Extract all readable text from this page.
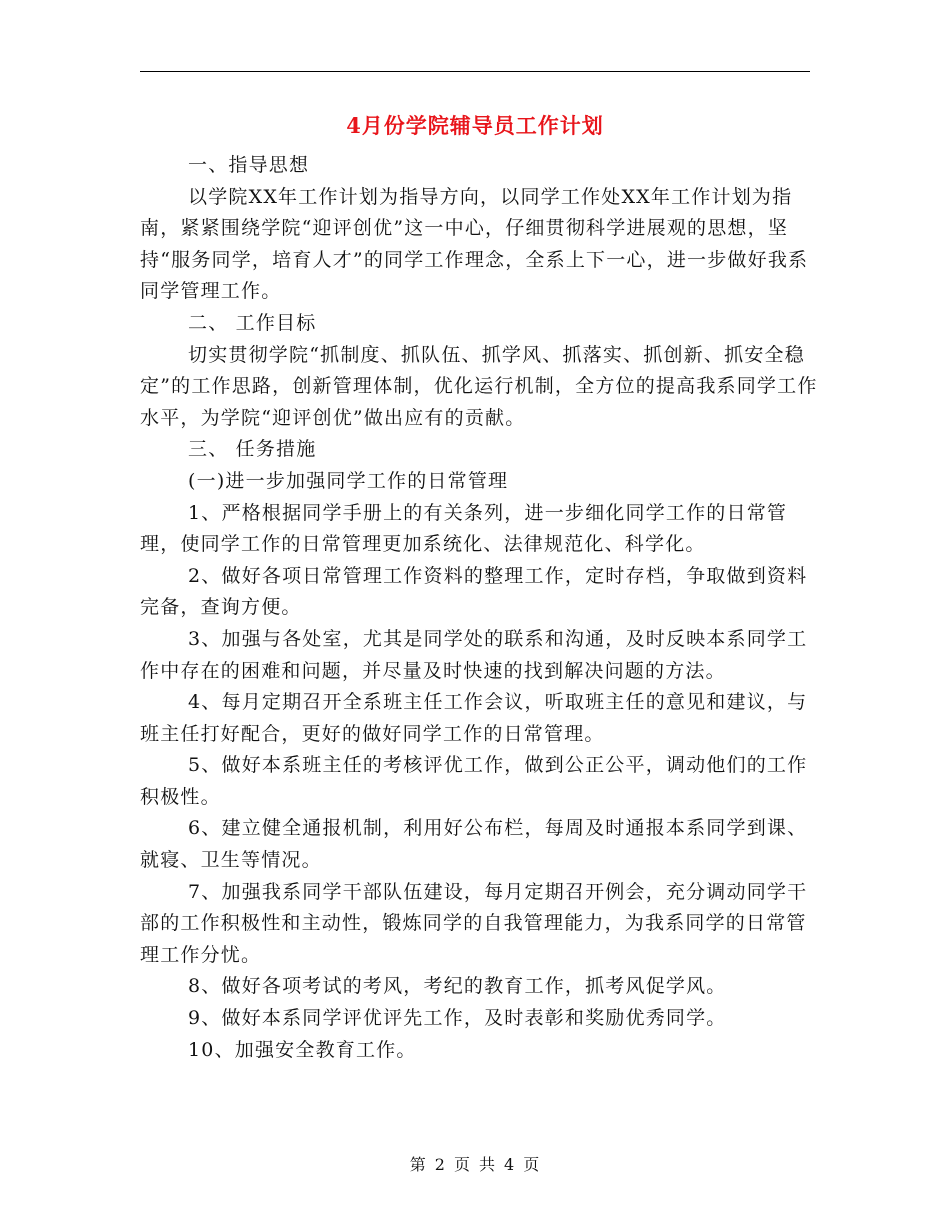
4月份学院辅导员工作计划

一、指导思想

以学院XX年工作计划为指导方向，以同学工作处XX年工作计划为指南，紧紧围绕学院“迎评创优”这一中心，仔细贯彻科学进展观的思想，坚持“服务同学，培育人才”的同学工作理念，全系上下一心，进一步做好我系同学管理工作。

二、 工作目标

切实贯彻学院“抓制度、抓队伍、抓学风、抓落实、抓创新、抓安全稳定”的工作思路，创新管理体制，优化运行机制，全方位的提高我系同学工作水平，为学院“迎评创优”做出应有的贡献。

三、 任务措施

(一)进一步加强同学工作的日常管理

1、严格根据同学手册上的有关条列，进一步细化同学工作的日常管理，使同学工作的日常管理更加系统化、法律规范化、科学化。

2、做好各项日常管理工作资料的整理工作，定时存档，争取做到资料完备，查询方便。

3、加强与各处室，尤其是同学处的联系和沟通，及时反映本系同学工作中存在的困难和问题，并尽量及时快速的找到解决问题的方法。

4、每月定期召开全系班主任工作会议，听取班主任的意见和建议，与班主任打好配合，更好的做好同学工作的日常管理。

5、做好本系班主任的考核评优工作，做到公正公平，调动他们的工作积极性。

6、建立健全通报机制，利用好公布栏，每周及时通报本系同学到课、就寝、卫生等情况。

7、加强我系同学干部队伍建设，每月定期召开例会，充分调动同学干部的工作积极性和主动性，锻炼同学的自我管理能力，为我系同学的日常管理工作分忧。

8、做好各项考试的考风，考纪的教育工作，抓考风促学风。

9、做好本系同学评优评先工作，及时表彰和奖励优秀同学。

10、加强安全教育工作。

第 2 页 共 4 页
